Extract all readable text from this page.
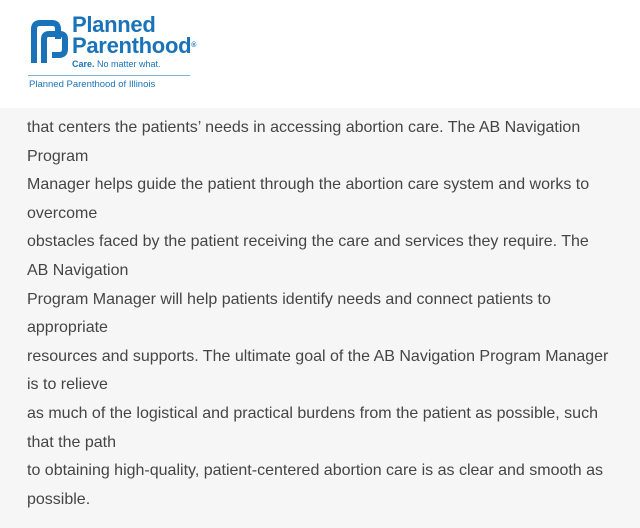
Planned
Parenthood®
Care. No matter what.
Planned Parenthood of Illinois

that centers the patients’ needs in accessing abortion care. The AB Navigation

Program

Manager helps guide the patient through the abortion care system and works to

overcome

obstacles faced by the patient receiving the care and services they require. The

AB Navigation

Program Manager will help patients identify needs and connect patients to

appropriate

resources and supports. The ultimate goal of the AB Navigation Program Manager

is to relieve

as much of the logistical and practical burdens from the patient as possible, such

that the path

to obtaining high-quality, patient-centered abortion care is as clear and smooth as

possible.
